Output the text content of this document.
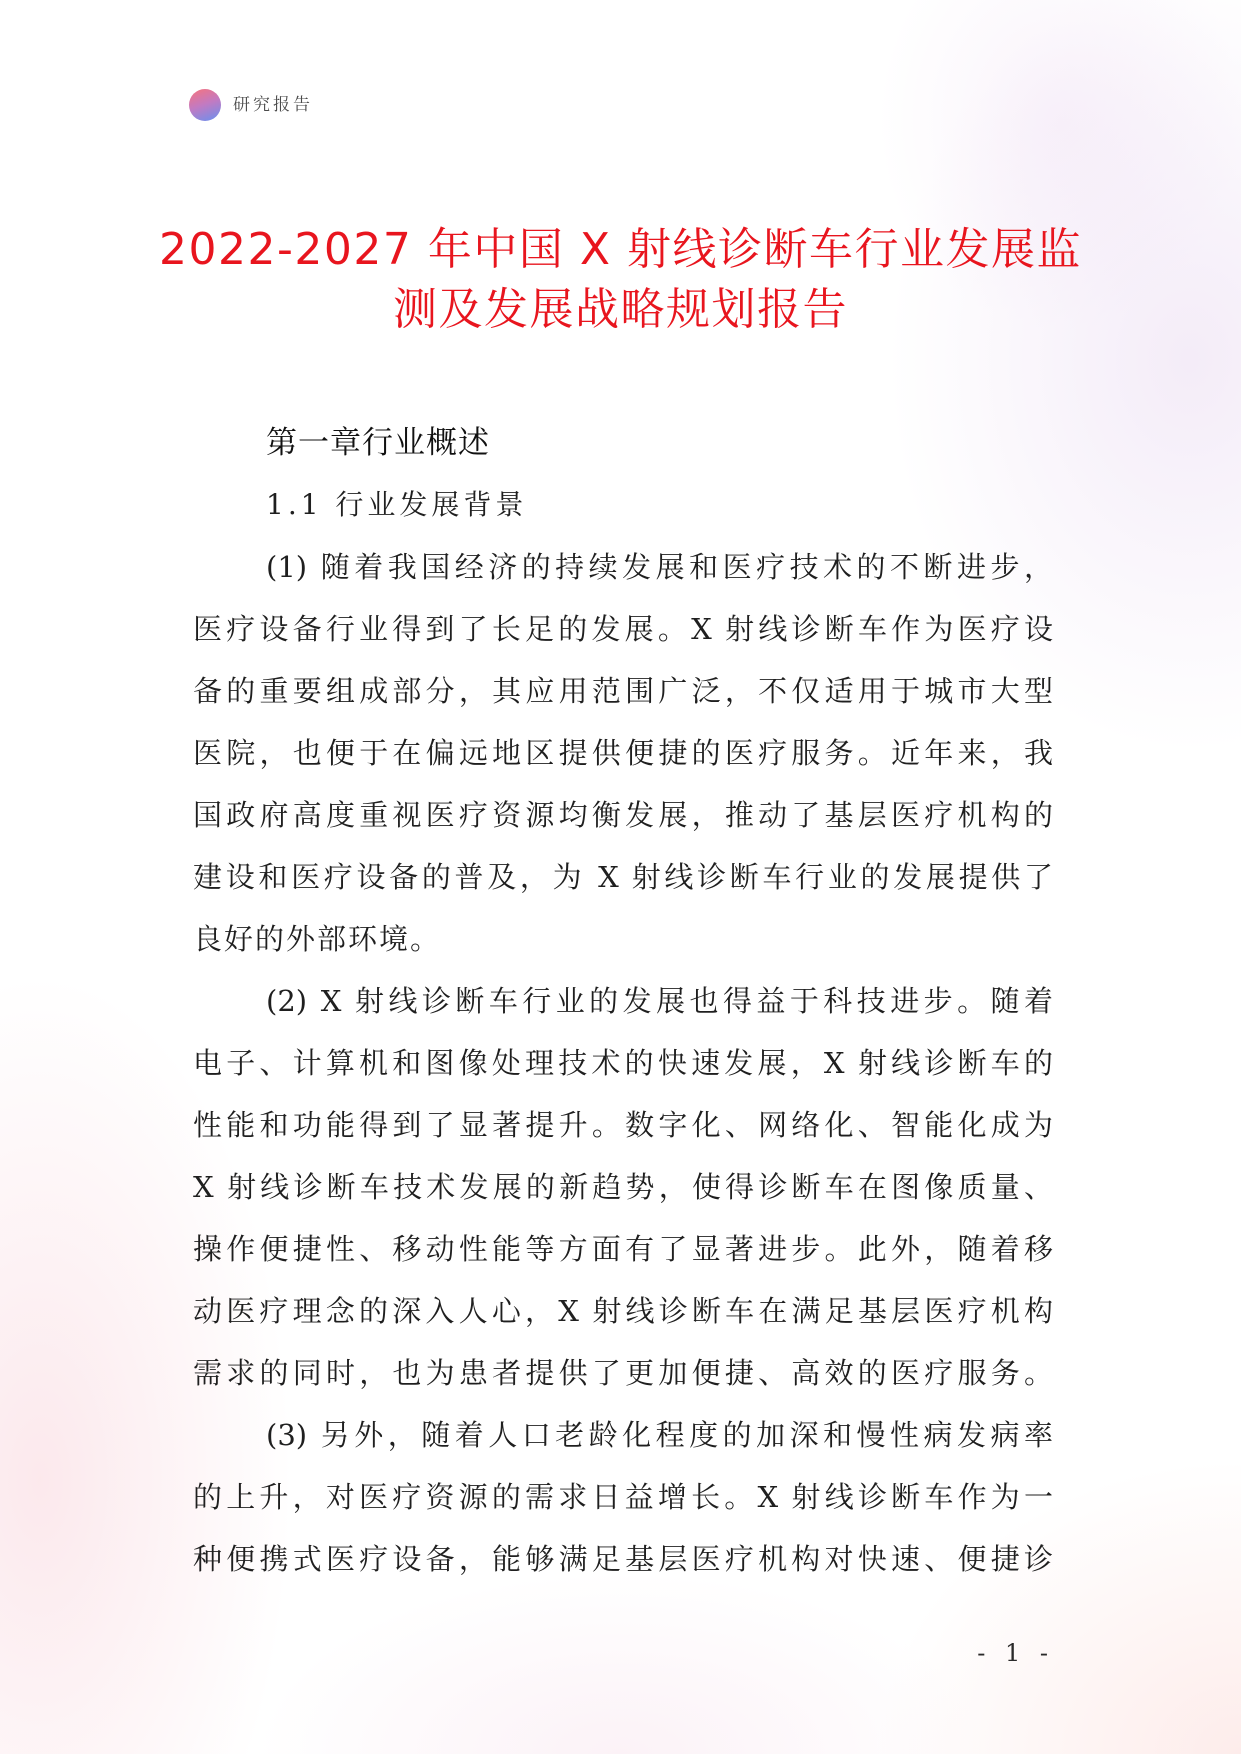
研究报告
2022-2027 年中国 X 射线诊断车行业发展监
测及发展战略规划报告
第一章行业概述
1.1 行业发展背景
(1) 随着我国经济的持续发展和医疗技术的不断进步，
医疗设备行业得到了长足的发展。X 射线诊断车作为医疗设
备的重要组成部分，其应用范围广泛，不仅适用于城市大型
医院，也便于在偏远地区提供便捷的医疗服务。近年来，我
国政府高度重视医疗资源均衡发展，推动了基层医疗机构的
建设和医疗设备的普及，为 X 射线诊断车行业的发展提供了
良好的外部环境。
(2) X 射线诊断车行业的发展也得益于科技进步。随着
电子、计算机和图像处理技术的快速发展，X 射线诊断车的
性能和功能得到了显著提升。数字化、网络化、智能化成为
X 射线诊断车技术发展的新趋势，使得诊断车在图像质量、
操作便捷性、移动性能等方面有了显著进步。此外，随着移
动医疗理念的深入人心，X 射线诊断车在满足基层医疗机构
需求的同时，也为患者提供了更加便捷、高效的医疗服务。
(3) 另外，随着人口老龄化程度的加深和慢性病发病率
的上升，对医疗资源的需求日益增长。X 射线诊断车作为一
种便携式医疗设备，能够满足基层医疗机构对快速、便捷诊
- 1 -
